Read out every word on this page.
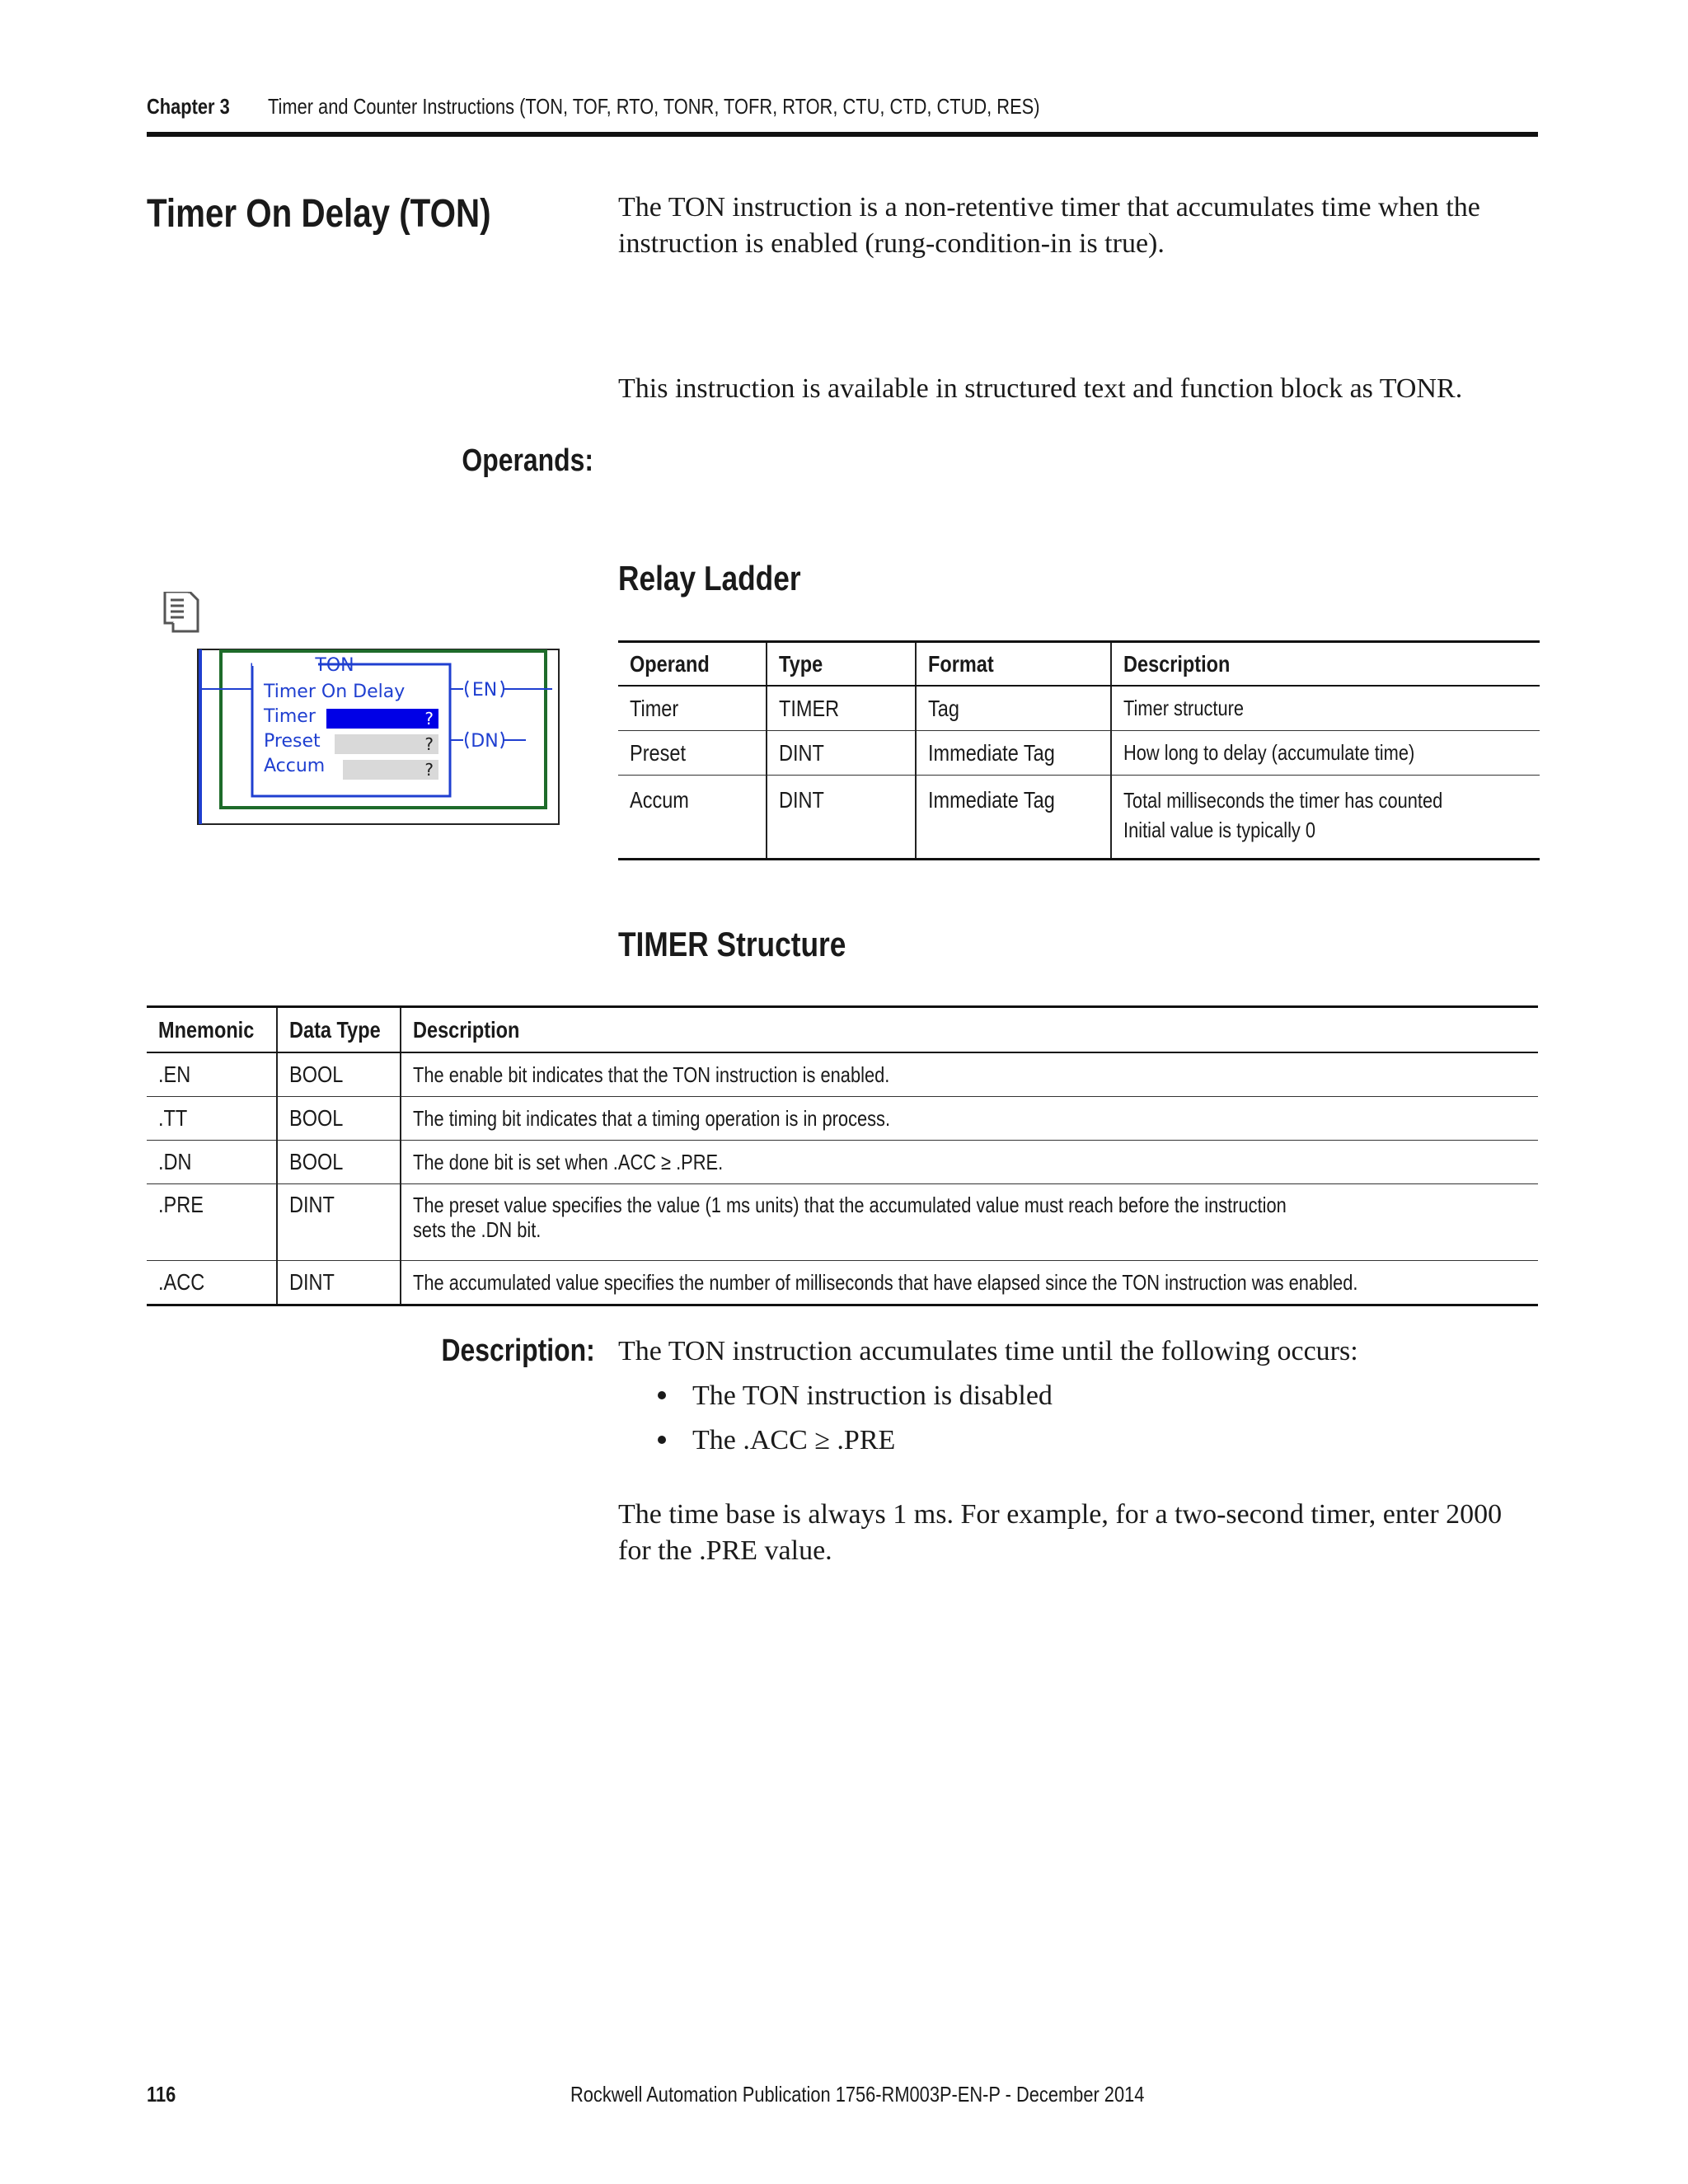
Chapter 3	Timer and Counter Instructions (TON, TOF, RTO, TONR, TOFR, RTOR, CTU, CTD, CTUD, RES)
Timer On Delay (TON)	The TON instruction is a non-retentive timer that accumulates time when the instruction is enabled (rung-condition-in is true).
This instruction is available in structured text and function block as TONR.
Operands:
TON
Timer On Delay
Timer	?
Preset	?
Accum	?
EN
DN
Relay Ladder
Operand	Type	Format	Description
Timer	TIMER	Tag	Timer structure
Preset	DINT	Immediate Tag	How long to delay (accumulate time)
Accum	DINT	Immediate Tag	Total milliseconds the timer has counted
Initial value is typically 0
TIMER Structure
Mnemonic	Data Type	Description
.EN	BOOL	The enable bit indicates that the TON instruction is enabled.
.TT	BOOL	The timing bit indicates that a timing operation is in process.
.DN	BOOL	The done bit is set when .ACC ≥ .PRE.
.PRE	DINT	The preset value specifies the value (1 ms units) that the accumulated value must reach before the instruction sets the .DN bit.
.ACC	DINT	The accumulated value specifies the number of milliseconds that have elapsed since the TON instruction was enabled.
Description: The TON instruction accumulates time until the following occurs:
The TON instruction is disabled
The .ACC ≥ .PRE
The time base is always 1 ms. For example, for a two-second timer, enter 2000 for the .PRE value.
116	Rockwell Automation Publication 1756-RM003P-EN-P - December 2014
